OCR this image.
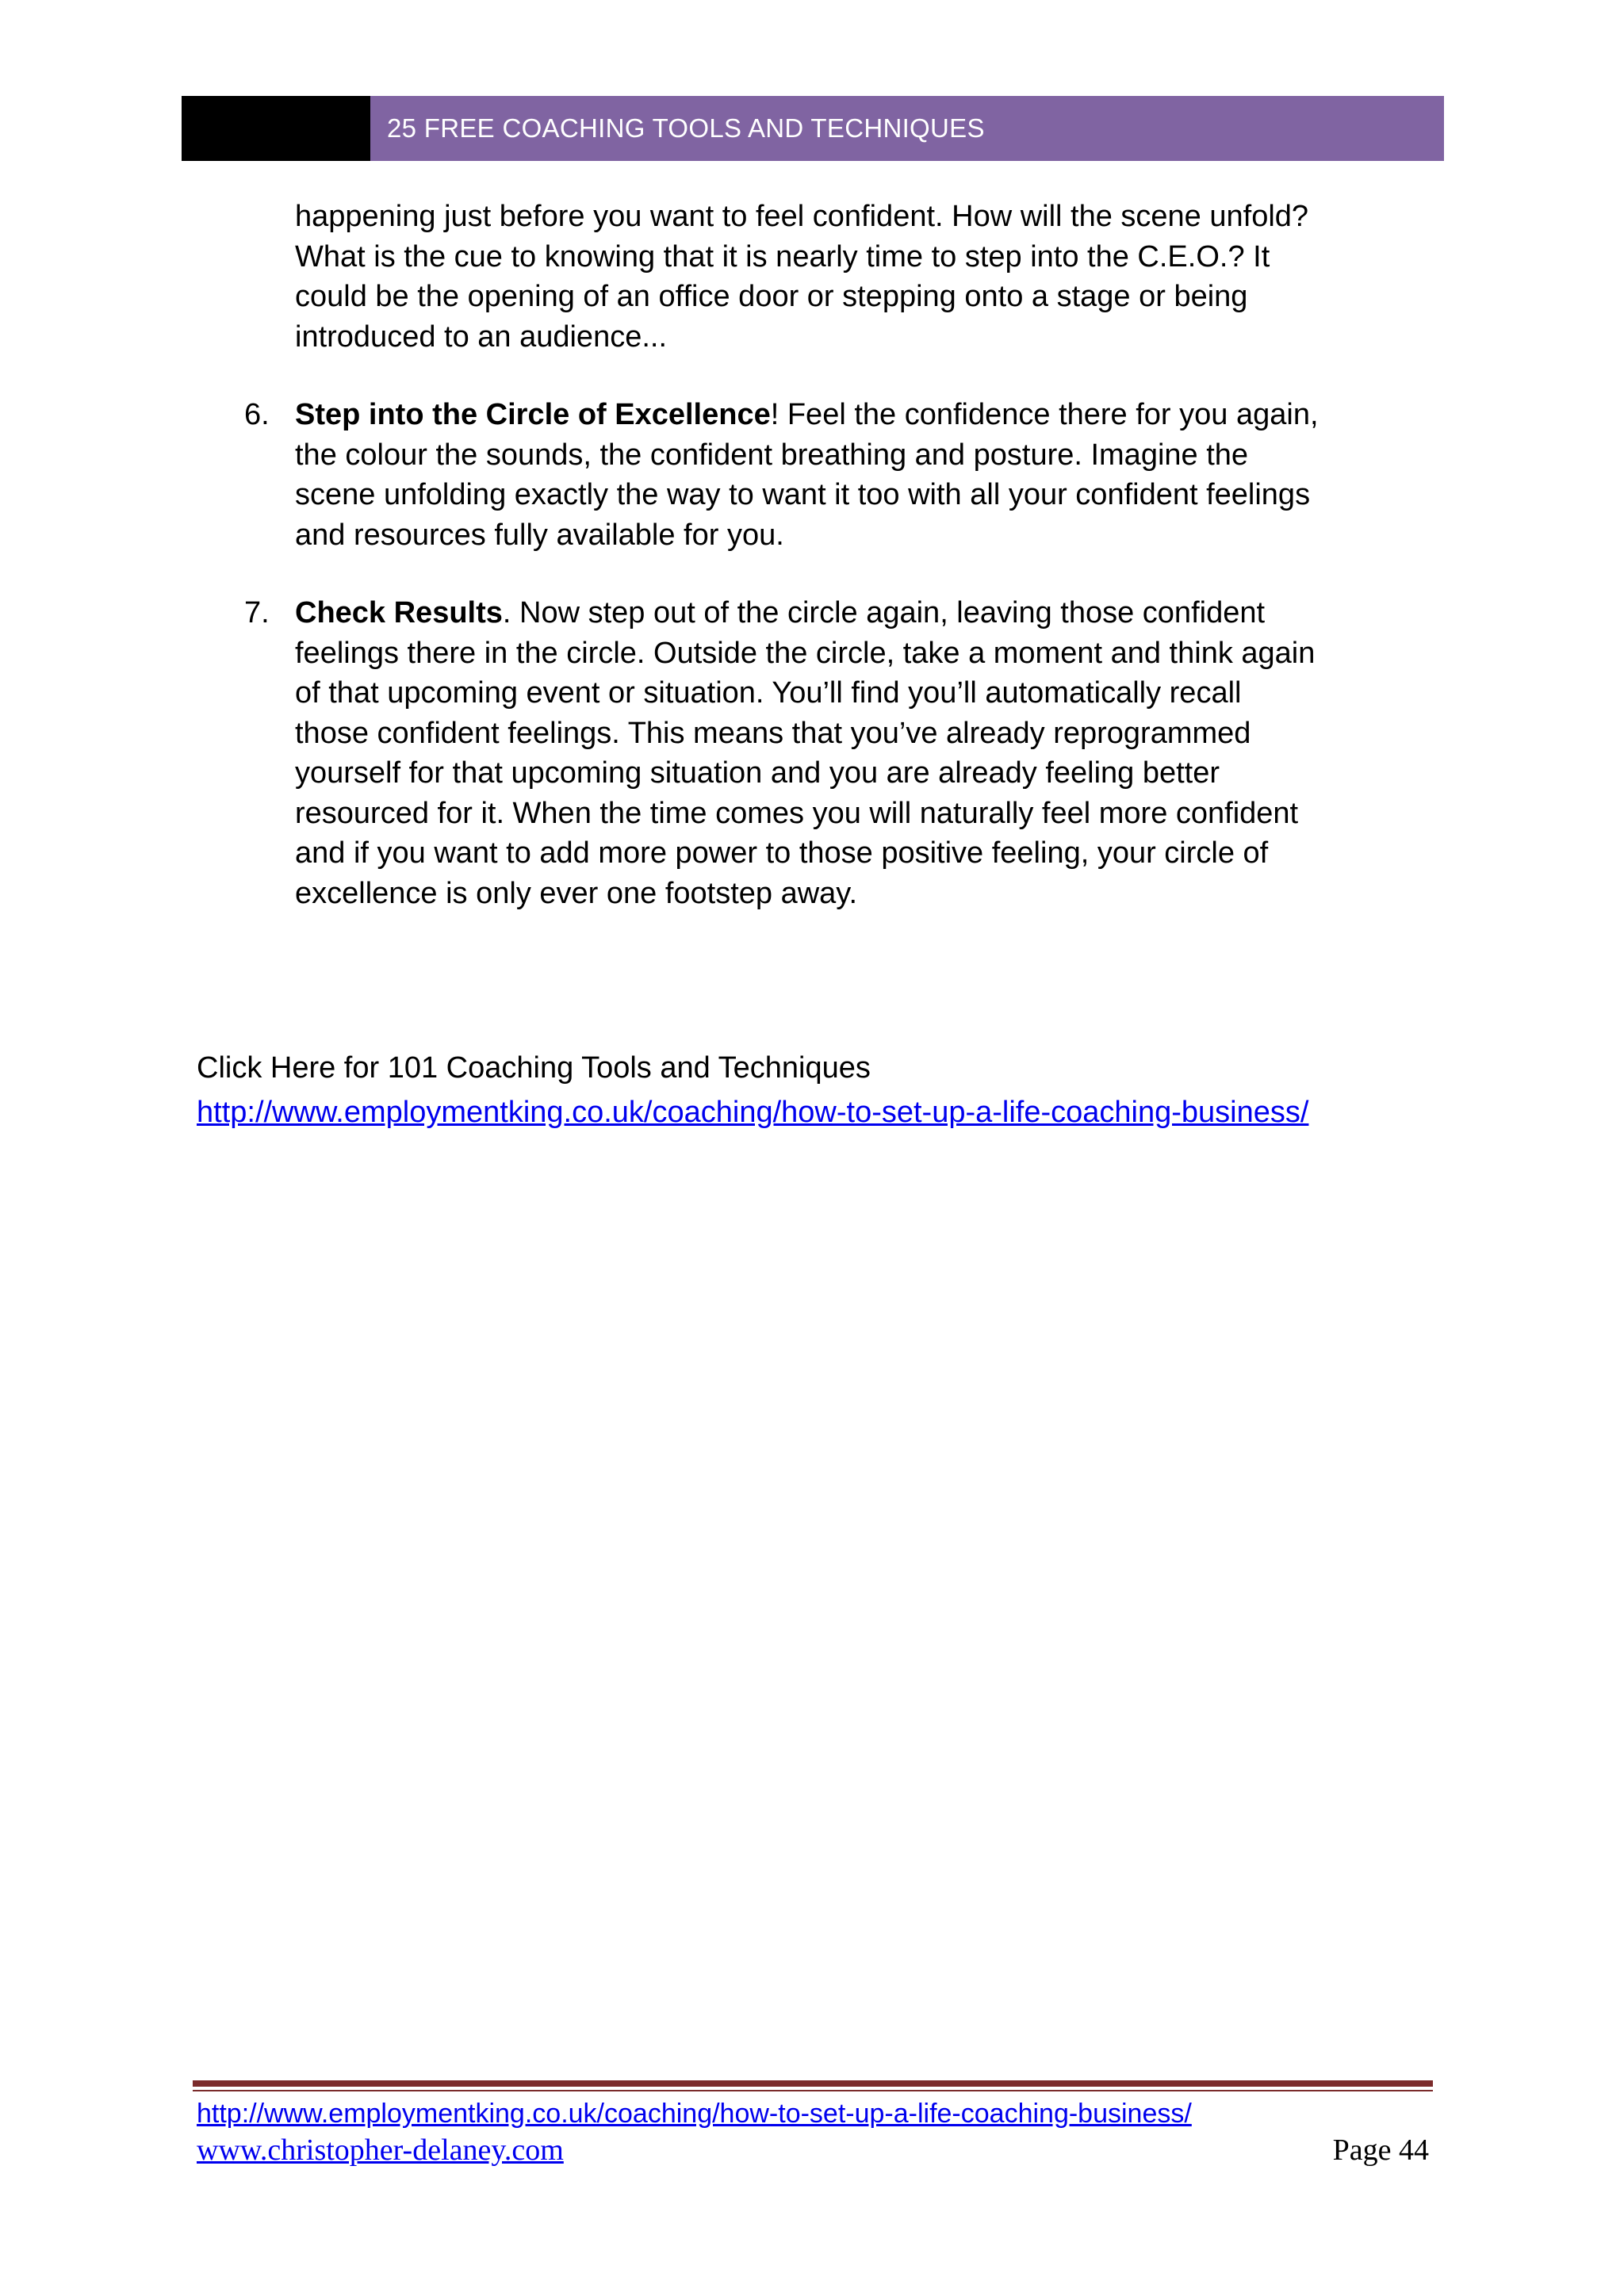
25 FREE COACHING TOOLS AND TECHNIQUES
happening just before you want to feel confident. How will the scene unfold?
What is the cue to knowing that it is nearly time to step into the C.E.O.? It
could be the opening of an office door or stepping onto a stage or being
introduced to an audience...
6. Step into the Circle of Excellence! Feel the confidence there for you again,
the colour the sounds, the confident breathing and posture. Imagine the
scene unfolding exactly the way to want it too with all your confident feelings
and resources fully available for you.
7. Check Results. Now step out of the circle again, leaving those confident
feelings there in the circle. Outside the circle, take a moment and think again
of that upcoming event or situation. You’ll find you’ll automatically recall
those confident feelings. This means that you’ve already reprogrammed
yourself for that upcoming situation and you are already feeling better
resourced for it. When the time comes you will naturally feel more confident
and if you want to add more power to those positive feeling, your circle of
excellence is only ever one footstep away.
Click Here for 101 Coaching Tools and Techniques
http://www.employmentking.co.uk/coaching/how-to-set-up-a-life-coaching-business/
http://www.employmentking.co.uk/coaching/how-to-set-up-a-life-coaching-business/
www.christopher-delaney.com	Page 44
